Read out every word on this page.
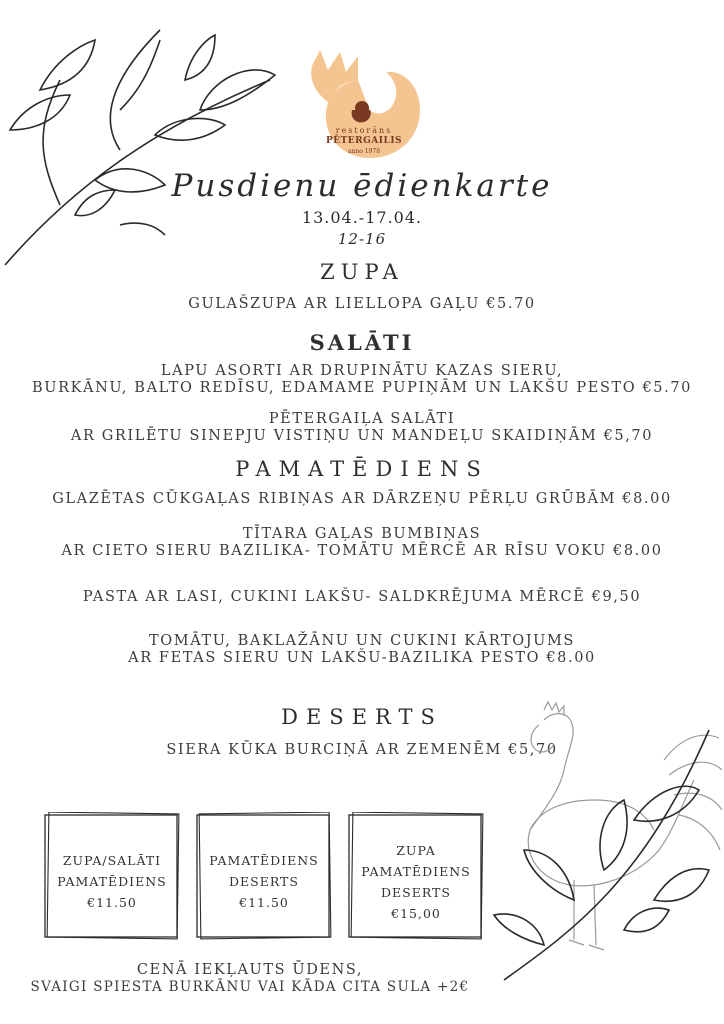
restorāns
PĒTERGAILIS
anno 1978
Pusdienu ēdienkarte
13.04.-17.04.
12-16
ZUPA
GULAŠZUPA AR LIELLOPA GAĻU €5.70
SALĀTI
LAPU ASORTI AR DRUPINĀTU KAZAS SIERU,
BURKĀNU, BALTO REDĪSU, EDAMAME PUPIŅĀM UN LAKŠU PESTO €5.70
PĒTERGAIĻA SALĀTI
AR GRILĒTU SINEPJU VISTIŅU UN MANDEĻU SKAIDIŅĀM €5,70
PAMATĒDIENS
GLAZĒTAS CŪKGAĻAS RIBIŅAS AR DĀRZEŅU PĒRĻU GRŪBĀM €8.00
TĪTARA GAĻAS BUMBIŅAS
AR CIETO SIERU BAZILIKA- TOMĀTU MĒRCĒ AR RĪSU VOKU €8.00
PASTA AR LASI, CUKINI LAKŠU- SALDKRĒJUMA MĒRCĒ €9,50
TOMĀTU, BAKLAŽĀNU UN CUKINI KĀRTOJUMS
AR FETAS SIERU UN LAKŠU-BAZILIKA PESTO €8.00
DESERTS
SIERA KŪKA BURCIŅĀ AR ZEMENĒM €5,70
ZUPA/SALĀTI
PAMATĒDIENS
€11.50
PAMATĒDIENS
DESERTS
€11.50
ZUPA
PAMATĒDIENS
DESERTS
€15,00
CENĀ IEKĻAUTS ŪDENS,
SVAIGI SPIESTA BURKĀNU VAI KĀDA CITA SULA +2€
